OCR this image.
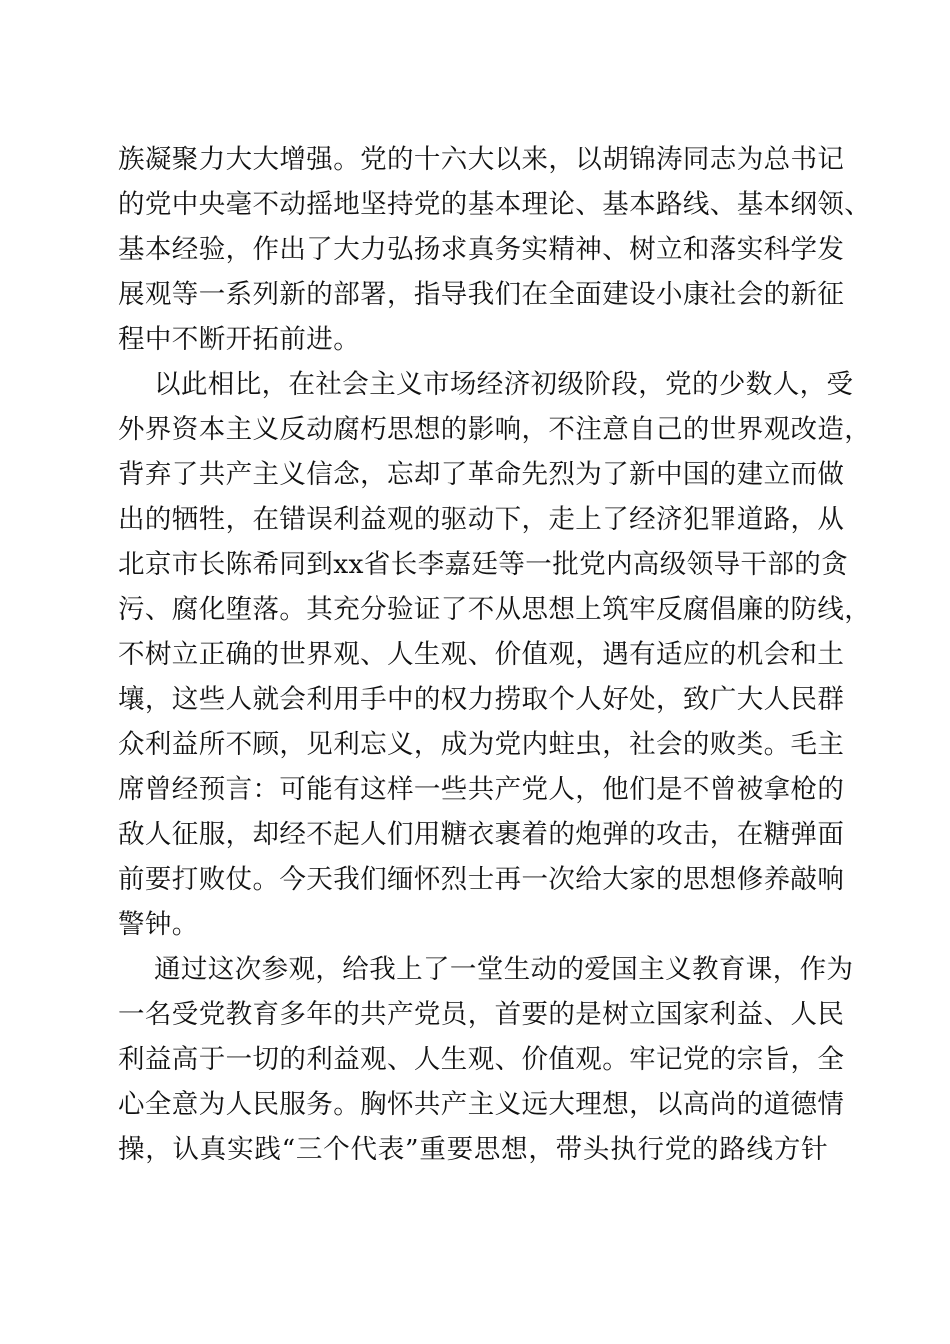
族凝聚力大大增强。党的十六大以来，以胡锦涛同志为总书记
的党中央毫不动摇地坚持党的基本理论、基本路线、基本纲领、
基本经验，作出了大力弘扬求真务实精神、树立和落实科学发
展观等一系列新的部署，指导我们在全面建设小康社会的新征
程中不断开拓前进。
以此相比，在社会主义市场经济初级阶段，党的少数人，受
外界资本主义反动腐朽思想的影响，不注意自己的世界观改造，
背弃了共产主义信念，忘却了革命先烈为了新中国的建立而做
出的牺牲，在错误利益观的驱动下，走上了经济犯罪道路，从
北京市长陈希同到xx省长李嘉廷等一批党内高级领导干部的贪
污、腐化堕落。其充分验证了不从思想上筑牢反腐倡廉的防线，
不树立正确的世界观、人生观、价值观，遇有适应的机会和土
壤，这些人就会利用手中的权力捞取个人好处，致广大人民群
众利益所不顾，见利忘义，成为党内蛀虫，社会的败类。毛主
席曾经预言：可能有这样一些共产党人，他们是不曾被拿枪的
敌人征服，却经不起人们用糖衣裹着的炮弹的攻击，在糖弹面
前要打败仗。今天我们缅怀烈士再一次给大家的思想修养敲响
警钟。
通过这次参观，给我上了一堂生动的爱国主义教育课，作为
一名受党教育多年的共产党员，首要的是树立国家利益、人民
利益高于一切的利益观、人生观、价值观。牢记党的宗旨，全
心全意为人民服务。胸怀共产主义远大理想，以高尚的道德情
操，认真实践“三个代表”重要思想，带头执行党的路线方针
